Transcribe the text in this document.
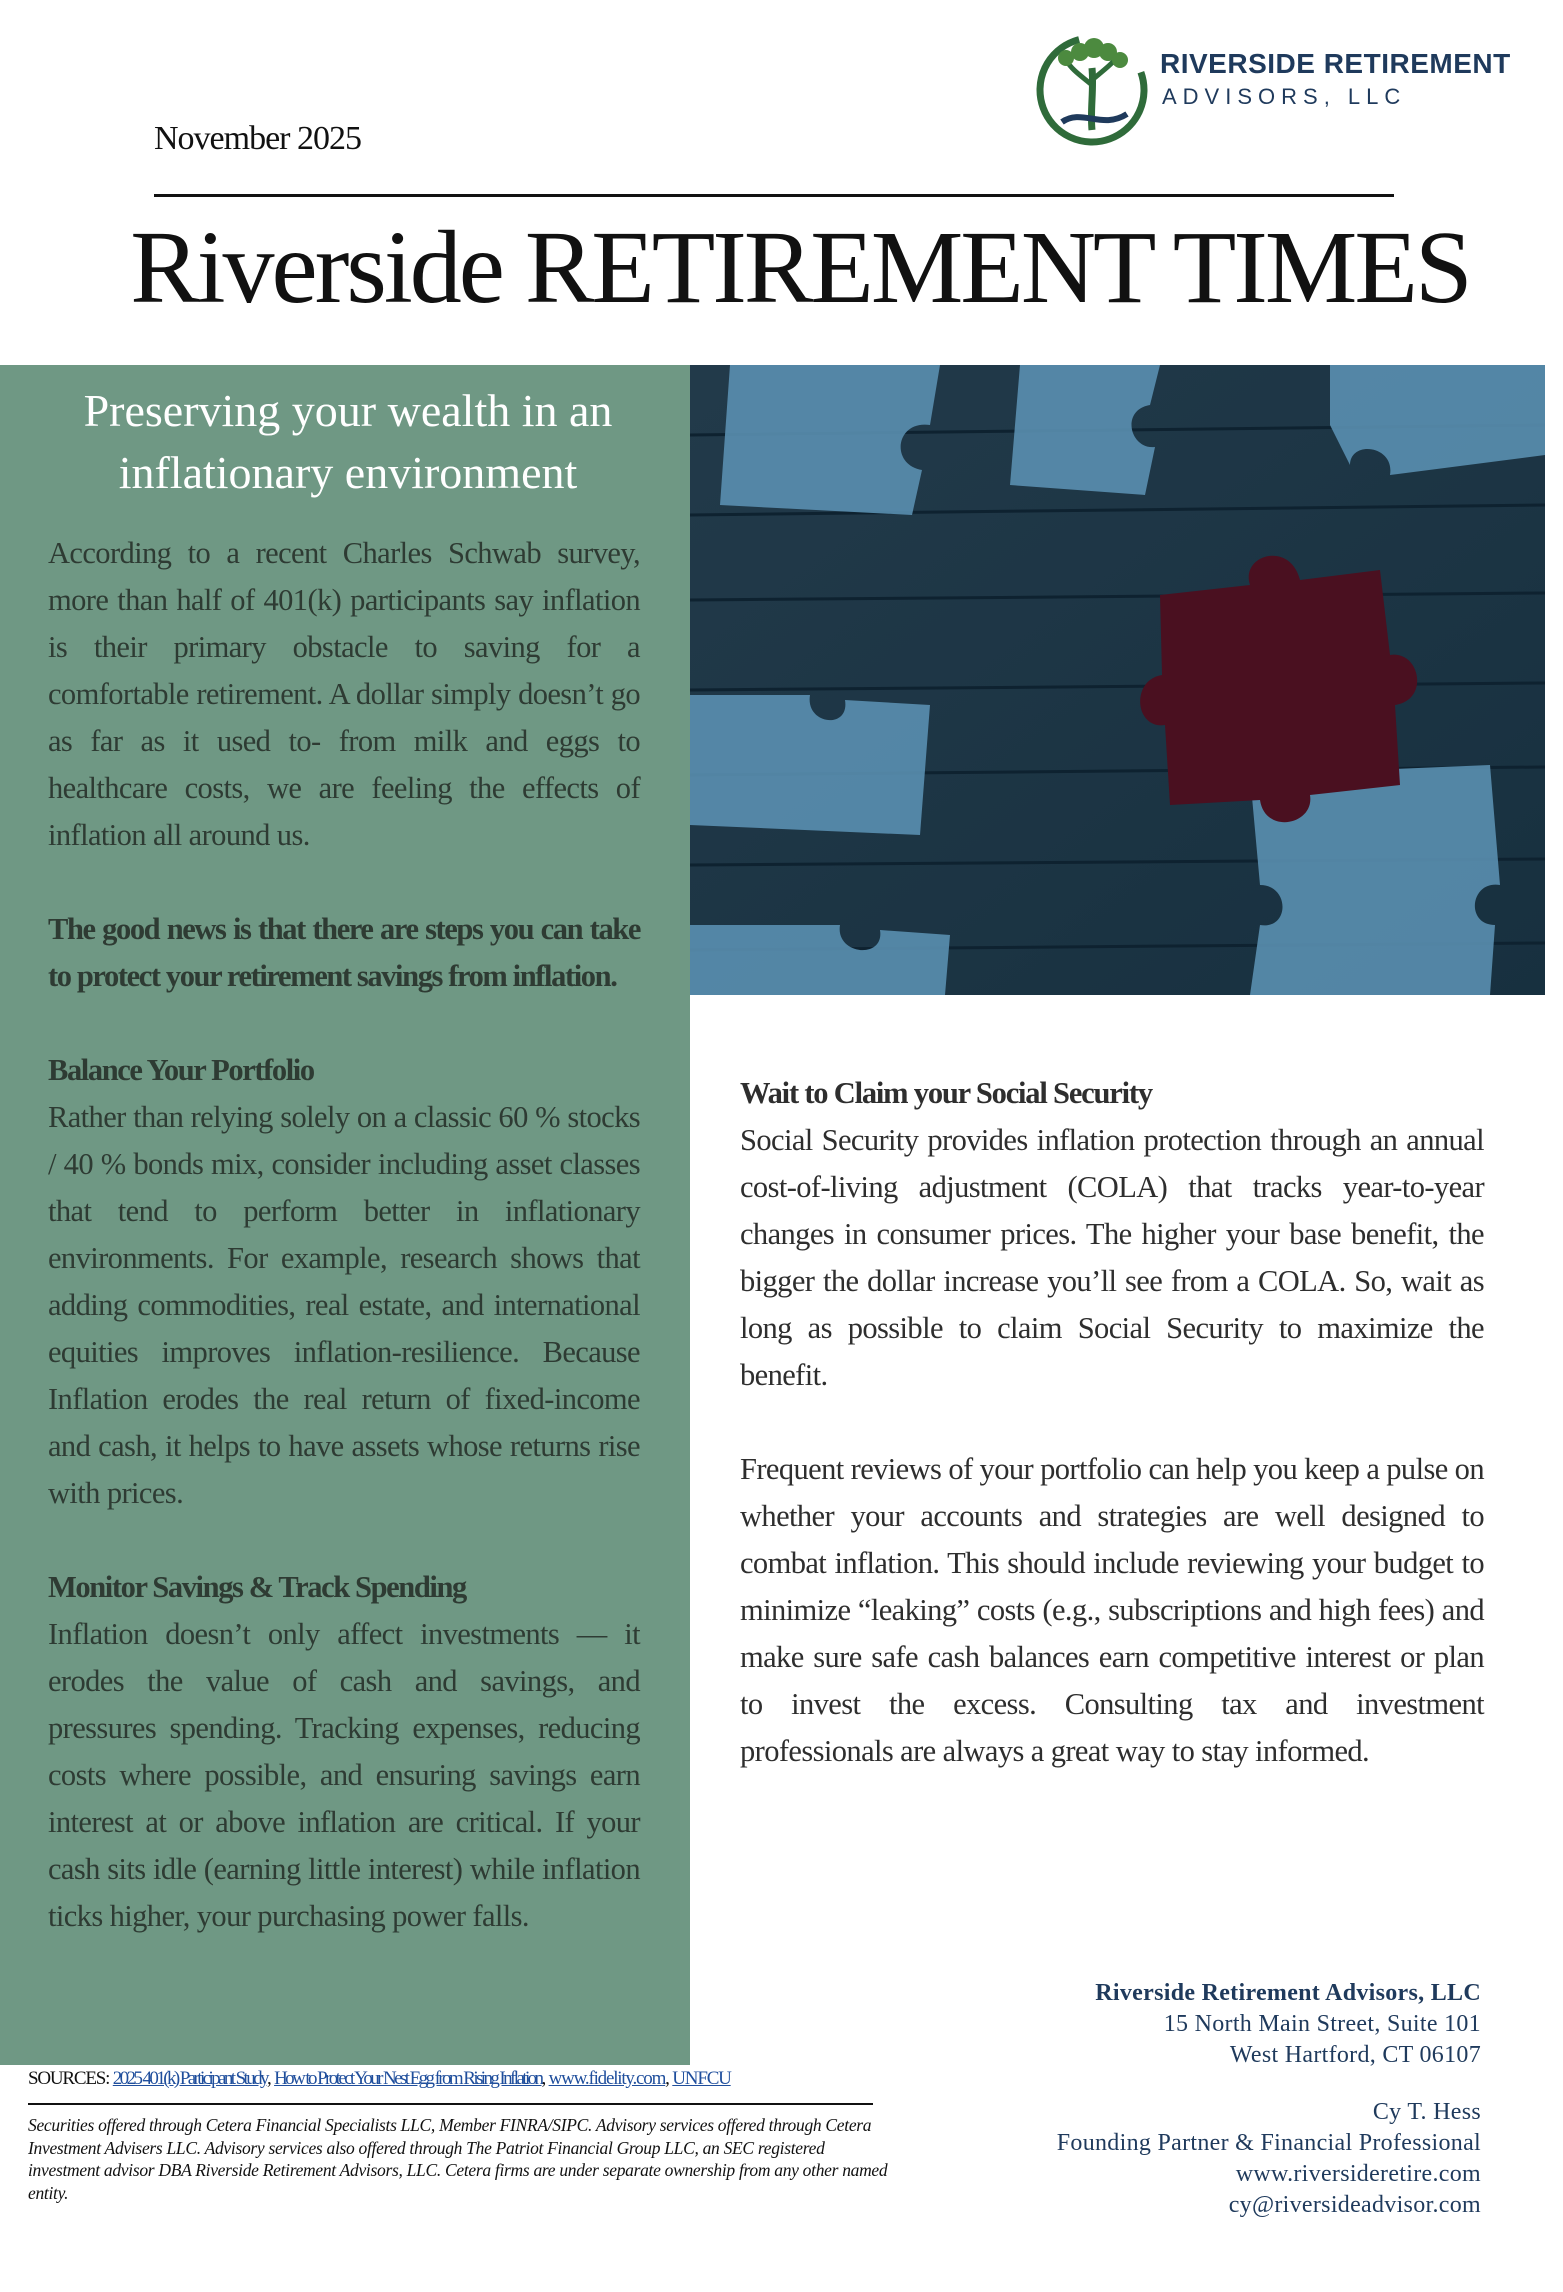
RIVERSIDE RETIREMENT
ADVISORS, LLC
November 2025
Riverside RETIREMENT TIMES
Preserving your wealth in an inflationary environment

According to a recent Charles Schwab survey, more than half of 401(k) participants say inflation is their primary obstacle to saving for a comfortable retirement. A dollar simply doesn’t go as far as it used to- from milk and eggs to healthcare costs, we are feeling the effects of inflation all around us.

The good news is that there are steps you can take to protect your retirement savings from inflation.

Balance Your Portfolio

Rather than relying solely on a classic 60 % stocks / 40 % bonds mix, consider including asset classes that tend to perform better in inflationary environments. For example, research shows that adding commodities, real estate, and international equities improves inflation-resilience. Because Inflation erodes the real return of fixed-income and cash, it helps to have assets whose returns rise with prices.

Monitor Savings & Track Spending

Inflation doesn’t only affect investments — it erodes the value of cash and savings, and pressures spending. Tracking expenses, reducing costs where possible, and ensuring savings earn interest at or above inflation are critical. If your cash sits idle (earning little interest) while inflation ticks higher, your purchasing power falls.

Wait to Claim your Social Security

Social Security provides inflation protection through an annual cost-of-living adjustment (COLA) that tracks year-to-year changes in consumer prices. The higher your base benefit, the bigger the dollar increase you’ll see from a COLA. So, wait as long as possible to claim Social Security to maximize the benefit.

Frequent reviews of your portfolio can help you keep a pulse on whether your accounts and strategies are well designed to combat inflation. This should include reviewing your budget to minimize “leaking” costs (e.g., subscriptions and high fees) and make sure safe cash balances earn competitive interest or plan to invest the excess. Consulting tax and investment professionals are always a great way to stay informed.

Riverside Retirement Advisors, LLC
15 North Main Street, Suite 101
West Hartford, CT 06107
Cy T. Hess
Founding Partner & Financial Professional
www.riversideretire.com
cy@riversideadvisor.com
SOURCES: 2025 401(k) Participant Study, How to Protect Your Nest Egg from Rising Inflation, www.fidelity.com, UNFCU
Securities offered through Cetera Financial Specialists LLC, Member FINRA/SIPC. Advisory services offered through Cetera Investment Advisers LLC. Advisory services also offered through The Patriot Financial Group LLC, an SEC registered investment advisor DBA Riverside Retirement Advisors, LLC. Cetera firms are under separate ownership from any other named entity.
